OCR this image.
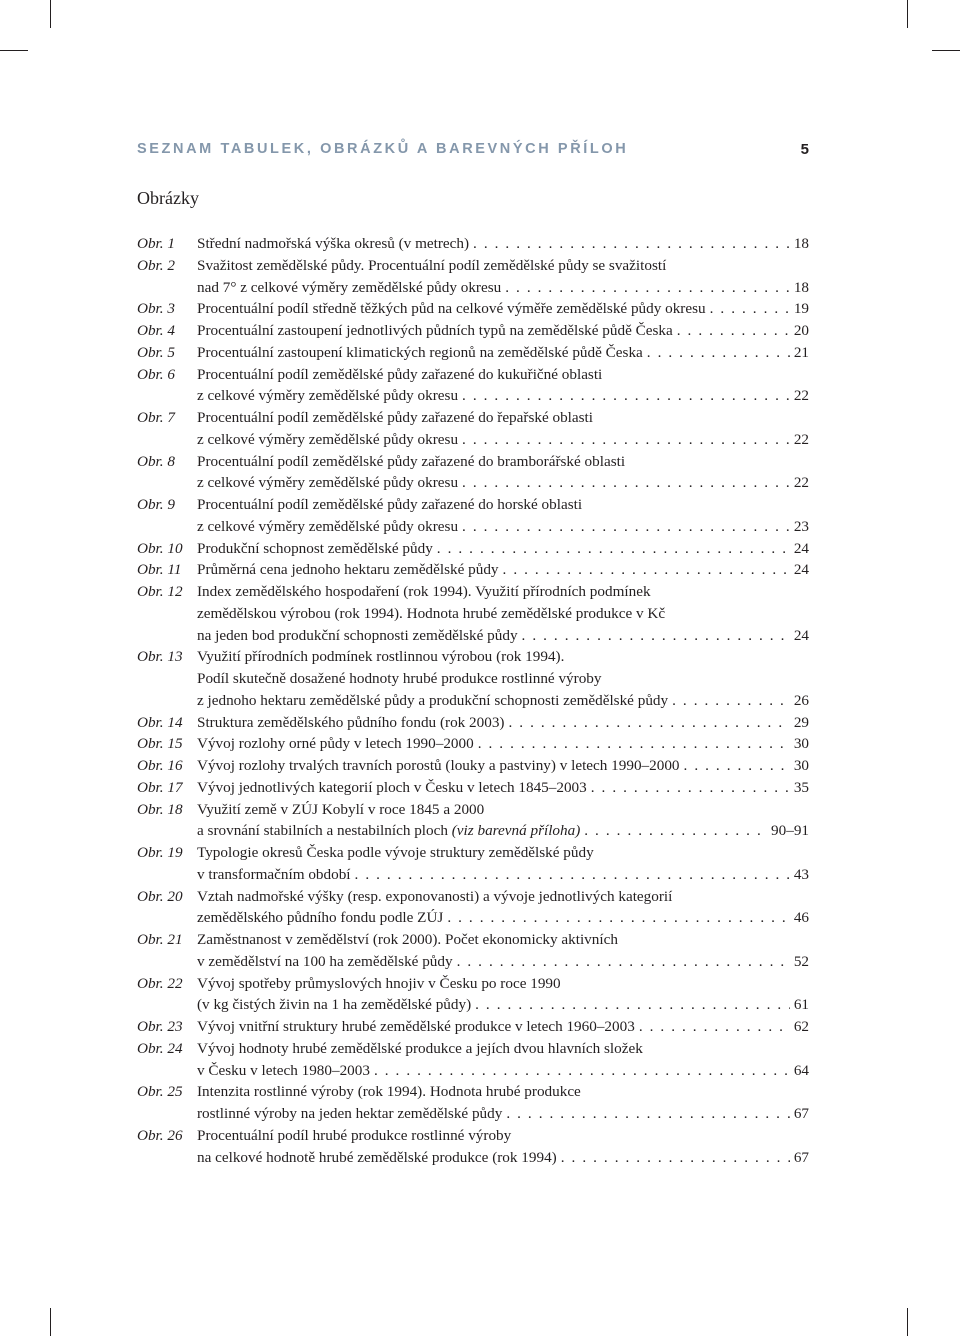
SEZNAM TABULEK, OBRÁZKŮ A BAREVNÝCH PŘÍLOH	5
Obrázky
Obr. 1	Střední nadmořská výška okresů (v metrech) . . .	18
Obr. 2	Svažitost zemědělské půdy. Procentuální podíl zemědělské půdy se svažitostí
nad 7° z celkové výměry zemědělské půdy okresu . . .	18
Obr. 3	Procentuální podíl středně těžkých půd na celkové výměře zemědělské půdy okresu . . .	19
Obr. 4	Procentuální zastoupení jednotlivých půdních typů na zemědělské půdě Česka . . .	20
Obr. 5	Procentuální zastoupení klimatických regionů na zemědělské půdě Česka . . .	21
Obr. 6	Procentuální podíl zemědělské půdy zařazené do kukuřičné oblasti
z celkové výměry zemědělské půdy okresu . . .	22
Obr. 7	Procentuální podíl zemědělské půdy zařazené do řepařské oblasti
z celkové výměry zemědělské půdy okresu . . .	22
Obr. 8	Procentuální podíl zemědělské půdy zařazené do bramborářské oblasti
z celkové výměry zemědělské půdy okresu . . .	22
Obr. 9	Procentuální podíl zemědělské půdy zařazené do horské oblasti
z celkové výměry zemědělské půdy okresu . . .	23
Obr. 10 Produkční schopnost zemědělské půdy . . .	24
Obr. 11	Průměrná cena jednoho hektaru zemědělské půdy . . .	24
Obr. 12 Index zemědělského hospodaření (rok 1994). Využití přírodních podmínek
zemědělskou výrobou (rok 1994). Hodnota hrubé zemědělské produkce v Kč
na jeden bod produkční schopnosti zemědělské půdy . . .	24
Obr. 13 Využití přírodních podmínek rostlinnou výrobou (rok 1994).
Podíl skutečně dosažené hodnoty hrubé produkce rostlinné výroby
z jednoho hektaru zemědělské půdy a produkční schopnosti zemědělské půdy . . .	26
Obr. 14 Struktura zemědělského půdního fondu (rok 2003) . . .	29
Obr. 15 Vývoj rozlohy orné půdy v letech 1990–2000 . . .	30
Obr. 16 Vývoj rozlohy trvalých travních porostů (louky a pastviny) v letech 1990–2000 . . .	30
Obr. 17 Vývoj jednotlivých kategorií ploch v Česku v letech 1845–2003 . . .	35
Obr. 18 Využití země v ZÚJ Kobylí v roce 1845 a 2000
a srovnání stabilních a nestabilních ploch (viz barevná příloha) . . .	90–91
Obr. 19 Typologie okresů Česka podle vývoje struktury zemědělské půdy
v transformačním období . . .	43
Obr. 20 Vztah nadmořské výšky (resp. exponovanosti) a vývoje jednotlivých kategorií
zemědělského půdního fondu podle ZÚJ . . .	46
Obr. 21 Zaměstnanost v zemědělství (rok 2000). Počet ekonomicky aktivních
v zemědělství na 100 ha zemědělské půdy . . .	52
Obr. 22 Vývoj spotřeby průmyslových hnojiv v Česku po roce 1990
(v kg čistých živin na 1 ha zemědělské půdy) . . .	61
Obr. 23 Vývoj vnitřní struktury hrubé zemědělské produkce v letech 1960–2003 . . .	62
Obr. 24 Vývoj hodnoty hrubé zemědělské produkce a jejích dvou hlavních složek
v Česku v letech 1980–2003 . . .	64
Obr. 25 Intenzita rostlinné výroby (rok 1994). Hodnota hrubé produkce
rostlinné výroby na jeden hektar zemědělské půdy . . .	67
Obr. 26 Procentuální podíl hrubé produkce rostlinné výroby
na celkové hodnotě hrubé zemědělské produkce (rok 1994) . . .	67
